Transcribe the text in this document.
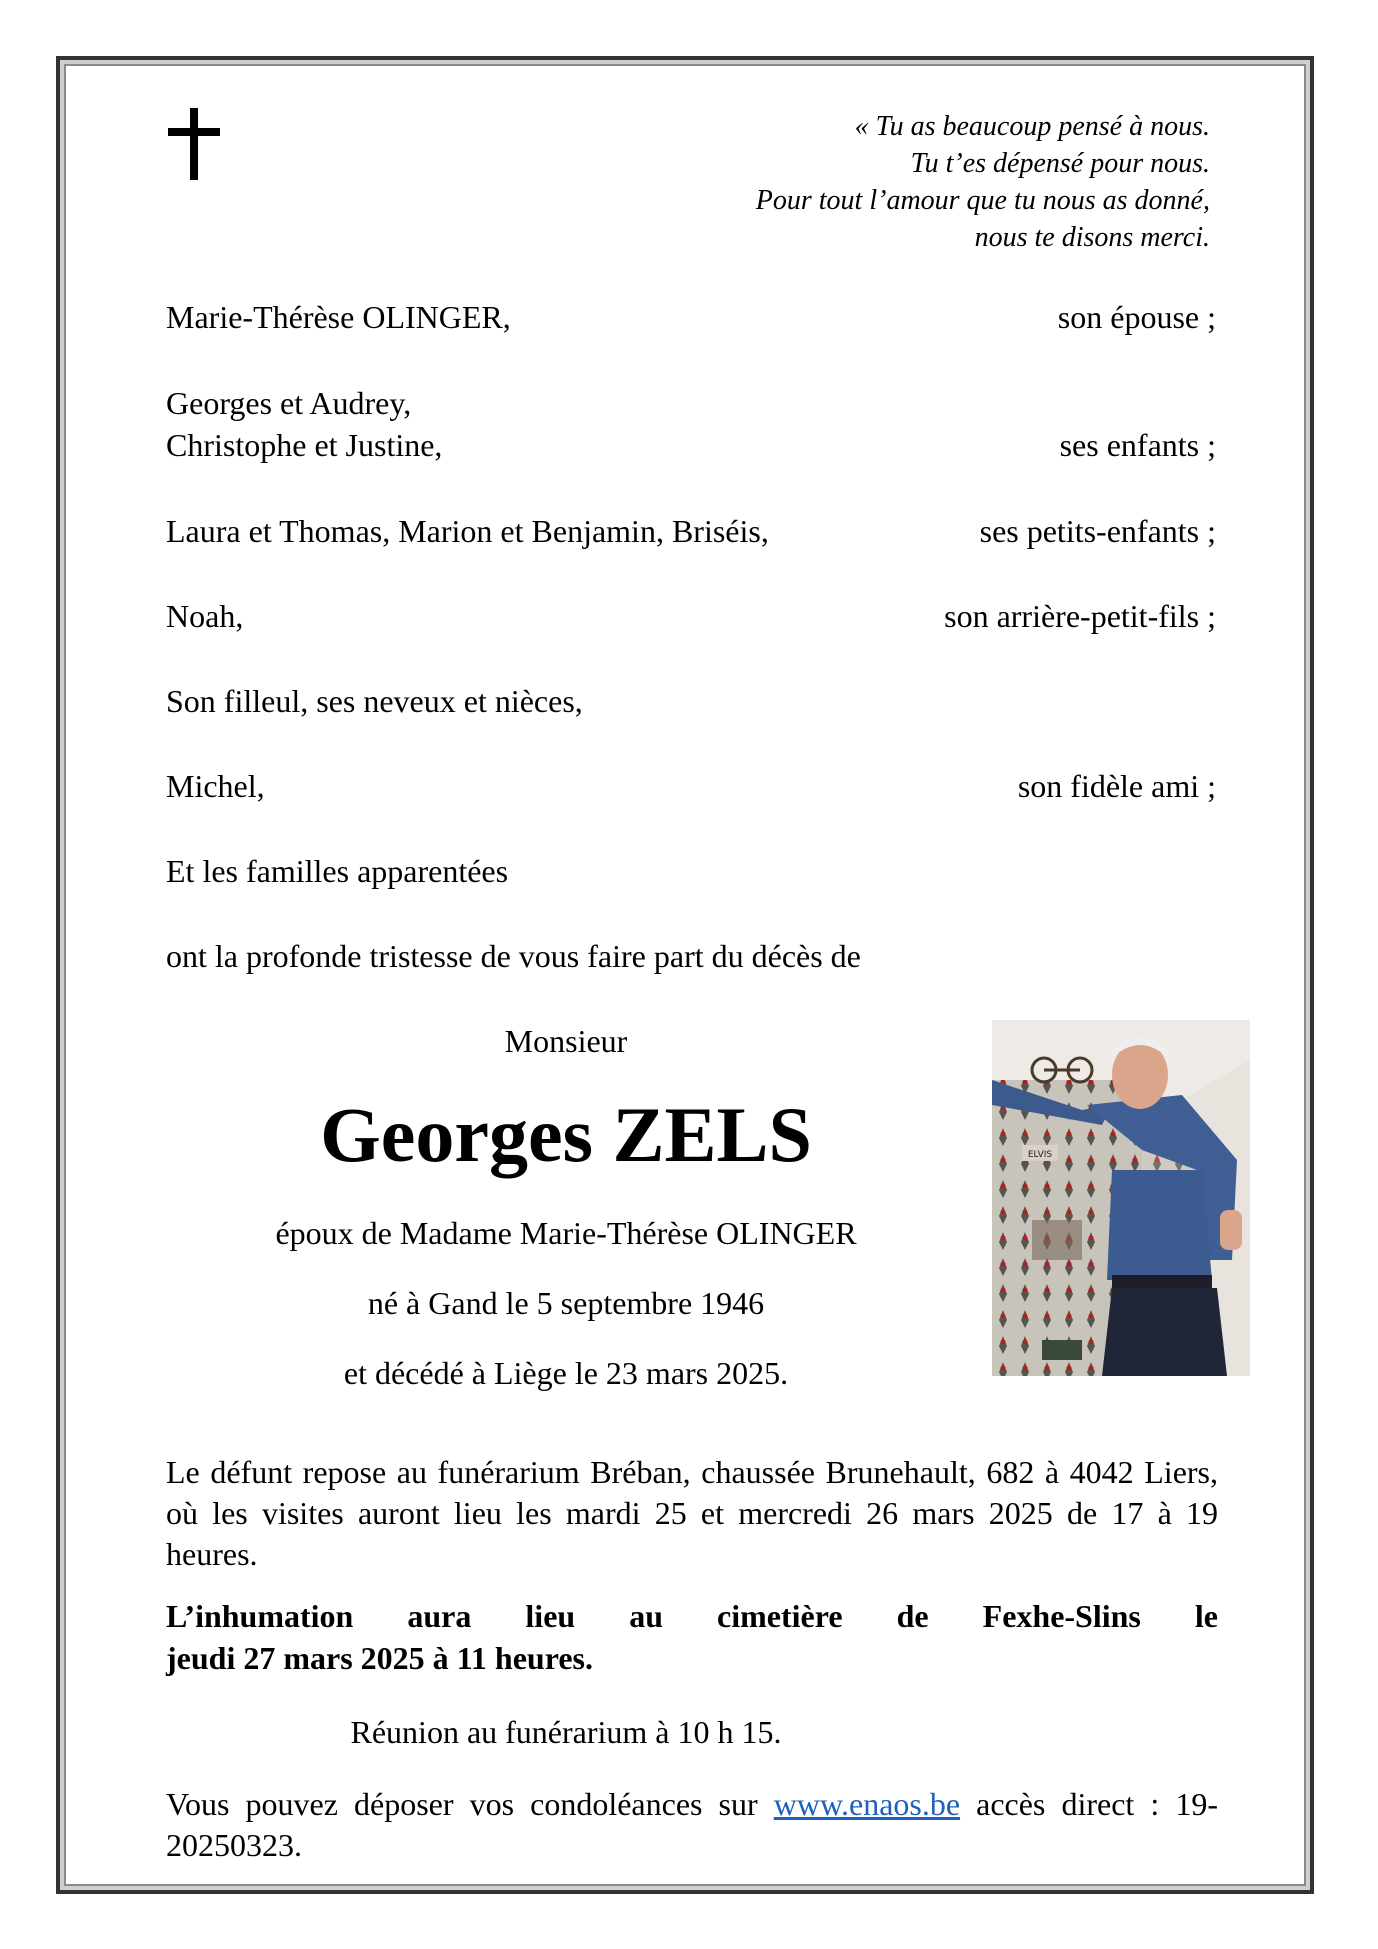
« Tu as beaucoup pensé à nous.
Tu t’es dépensé pour nous.
Pour tout l’amour que tu nous as donné,
nous te disons merci.
Marie-Thérèse OLINGER,	son épouse ;
Georges et Audrey,
Christophe et Justine,	ses enfants ;
Laura et Thomas, Marion et Benjamin, Briséis,	ses petits-enfants ;
Noah,	son arrière-petit-fils ;
Son filleul, ses neveux et nièces,
Michel,	son fidèle ami ;
Et les familles apparentées
ont la profonde tristesse de vous faire part du décès de
Monsieur
Georges ZELS
époux de Madame Marie-Thérèse OLINGER
né à Gand le 5 septembre 1946
et décédé à Liège le 23 mars 2025.
ELVIS
Le défunt repose au funérarium Bréban, chaussée Brunehault, 682 à 4042 Liers, où les visites auront lieu les mardi 25 et mercredi 26 mars 2025 de 17 à 19 heures.
L’inhumation aura lieu au cimetière de Fexhe-Slins le
jeudi 27 mars 2025 à 11 heures.
Réunion au funérarium à 10 h 15.
Vous pouvez déposer vos condoléances sur www.enaos.be accès direct : 19-20250323.
